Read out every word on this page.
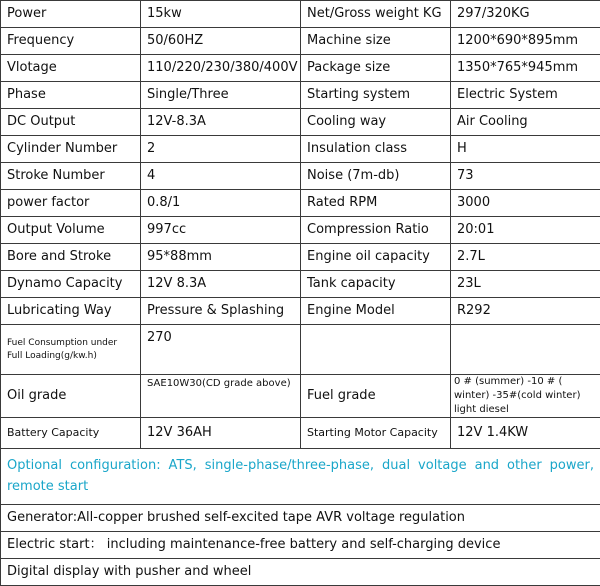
Power	15kw	Net/Gross weight KG	297/320KG
Frequency	50/60HZ	Machine size	1200*690*895mm
Vlotage	110/220/230/380/400V	Package size	1350*765*945mm
Phase	Single/Three	Starting system	Electric System
DC Output	12V-8.3A	Cooling way	Air Cooling
Cylinder Number	2	Insulation class	H
Stroke Number	4	Noise (7m-db)	73
power factor	0.8/1	Rated RPM	3000
Output Volume	997cc	Compression Ratio	20:01
Bore and Stroke	95*88mm	Engine oil capacity	2.7L
Dynamo Capacity	12V 8.3A	Tank capacity	23L
Lubricating Way	Pressure & Splashing	Engine Model	R292
Fuel Consumption under Full Loading(g/kw.h)	270		
Oil grade	SAE10W30(CD grade above)	Fuel grade	0 # (summer) -10 # ( winter) -35#(cold winter) light diesel
Battery Capacity	12V 36AH	Starting Motor Capacity	12V 1.4KW
Optional configuration: ATS, single-phase/three-phase, dual voltage and other power, remote start			
Generator:All-copper brushed self-excited tape AVR voltage regulation			
Electric start： including maintenance-free battery and self-charging device			
Digital display with pusher and wheel			
